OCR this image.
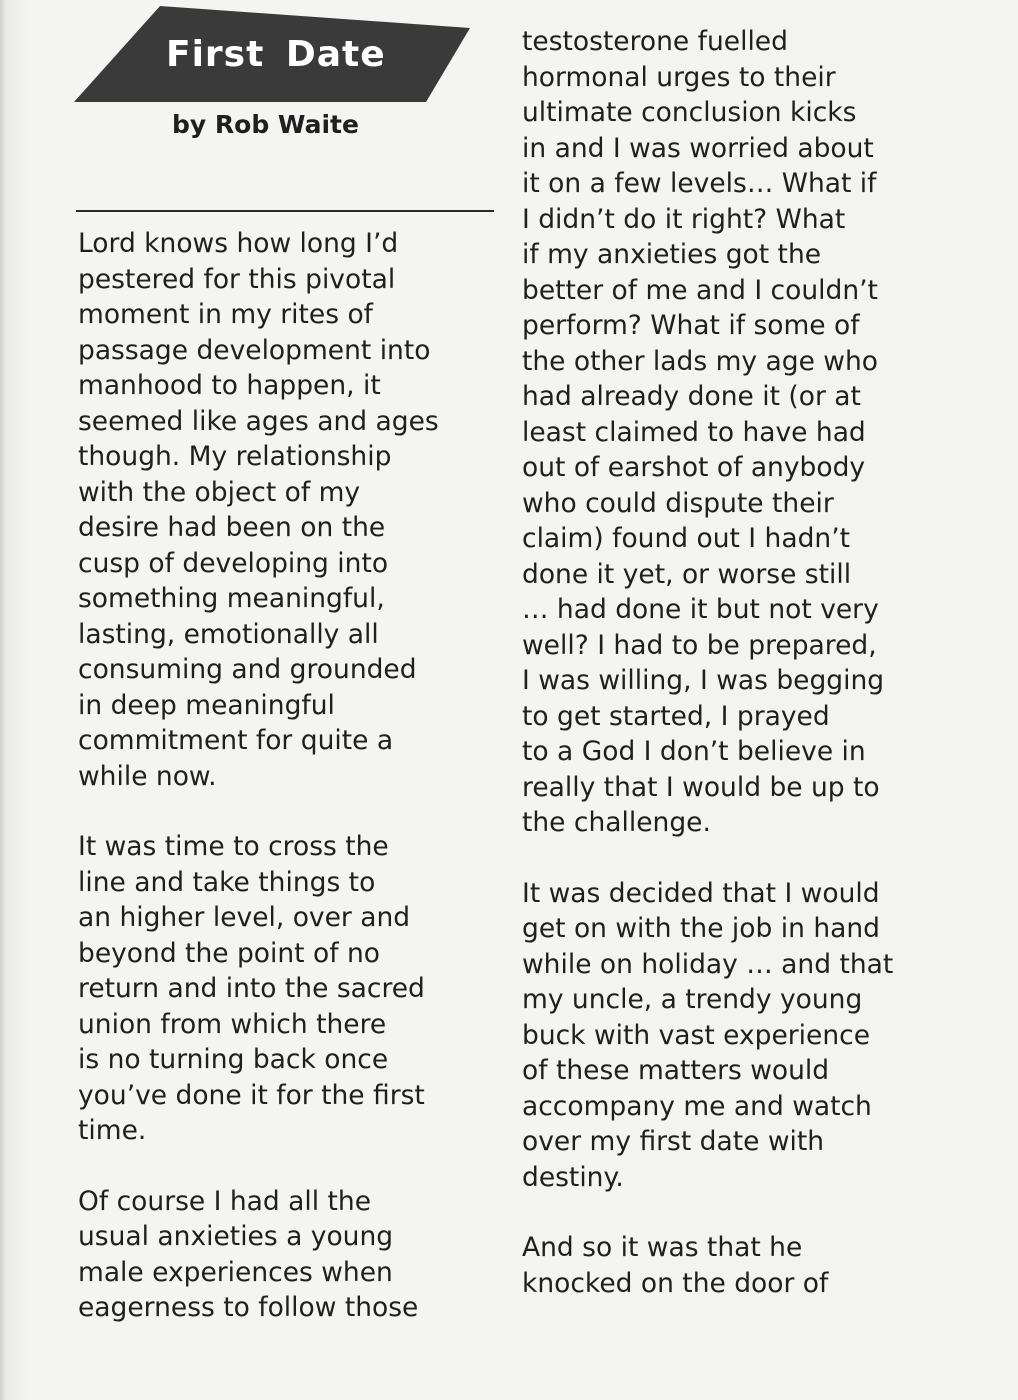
First Date
by Rob Waite
Lord knows how long I’d
pestered for this pivotal
moment in my rites of
passage development into
manhood to happen, it
seemed like ages and ages
though. My relationship
with the object of my
desire had been on the
cusp of developing into
something meaningful,
lasting, emotionally all
consuming and grounded
in deep meaningful
commitment for quite a
while now.
It was time to cross the
line and take things to
an higher level, over and
beyond the point of no
return and into the sacred
union from which there
is no turning back once
you’ve done it for the first
time.
Of course I had all the
usual anxieties a young
male experiences when
eagerness to follow those
testosterone fuelled
hormonal urges to their
ultimate conclusion kicks
in and I was worried about
it on a few levels… What if
I didn’t do it right? What
if my anxieties got the
better of me and I couldn’t
perform? What if some of
the other lads my age who
had already done it (or at
least claimed to have had
out of earshot of anybody
who could dispute their
claim) found out I hadn’t
done it yet, or worse still
… had done it but not very
well? I had to be prepared,
I was willing, I was begging
to get started, I prayed
to a God I don’t believe in
really that I would be up to
the challenge.
It was decided that I would
get on with the job in hand
while on holiday … and that
my uncle, a trendy young
buck with vast experience
of these matters would
accompany me and watch
over my first date with
destiny.
And so it was that he
knocked on the door of
